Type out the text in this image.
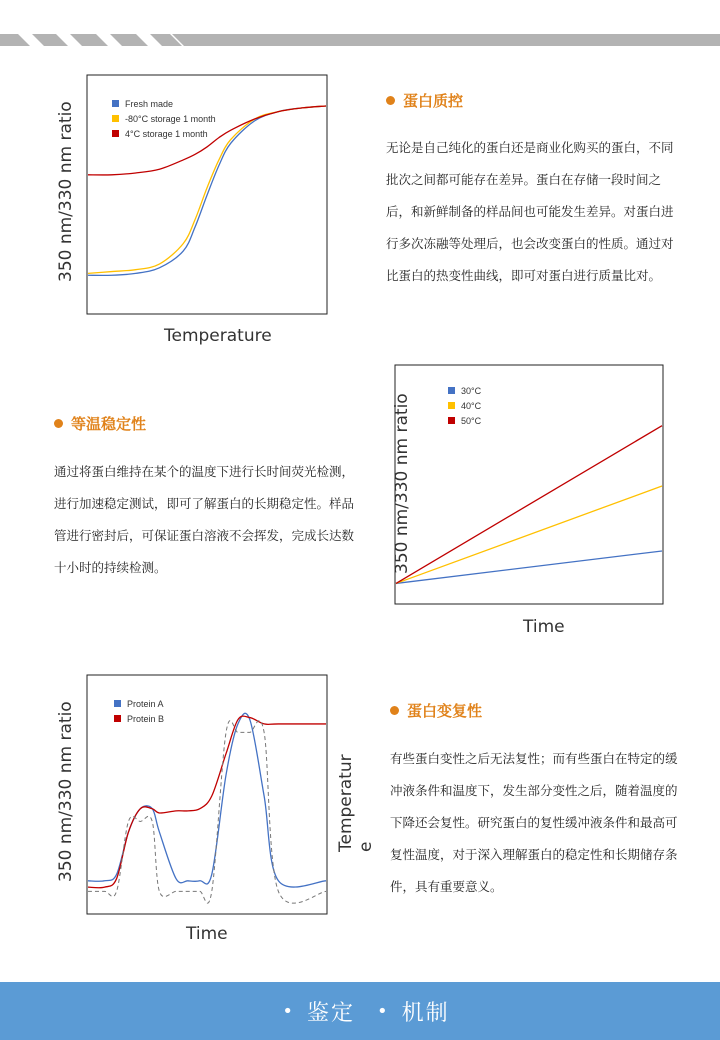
350 nm/330 nm ratio
Temperature
Fresh made
-80°C storage 1 month
4°C storage 1 month
蛋白质控
无论是自己纯化的蛋白还是商业化购买的蛋白，不同批次之间都可能存在差异。蛋白在存储一段时间之后，和新鲜制备的样品间也可能发生差异。对蛋白进行多次冻融等处理后，也会改变蛋白的性质。通过对比蛋白的热变性曲线，即可对蛋白进行质量比对。
等温稳定性
通过将蛋白维持在某个的温度下进行长时间荧光检测，进行加速稳定测试，即可了解蛋白的长期稳定性。样品管进行密封后，可保证蛋白溶液不会挥发，完成长达数十小时的持续检测。	350 nm/330 nm ratio
Time
30°C
40°C
50°C
350 nm/330 nm ratio
Time
Temperatur e
Protein A
Protein B	蛋白变复性
有些蛋白变性之后无法复性；而有些蛋白在特定的缓冲液条件和温度下，发生部分变性之后，随着温度的下降还会复性。研究蛋白的复性缓冲液条件和最高可复性温度，对于深入理解蛋白的稳定性和长期储存条件，具有重要意义。
• 鉴定 • 机制
